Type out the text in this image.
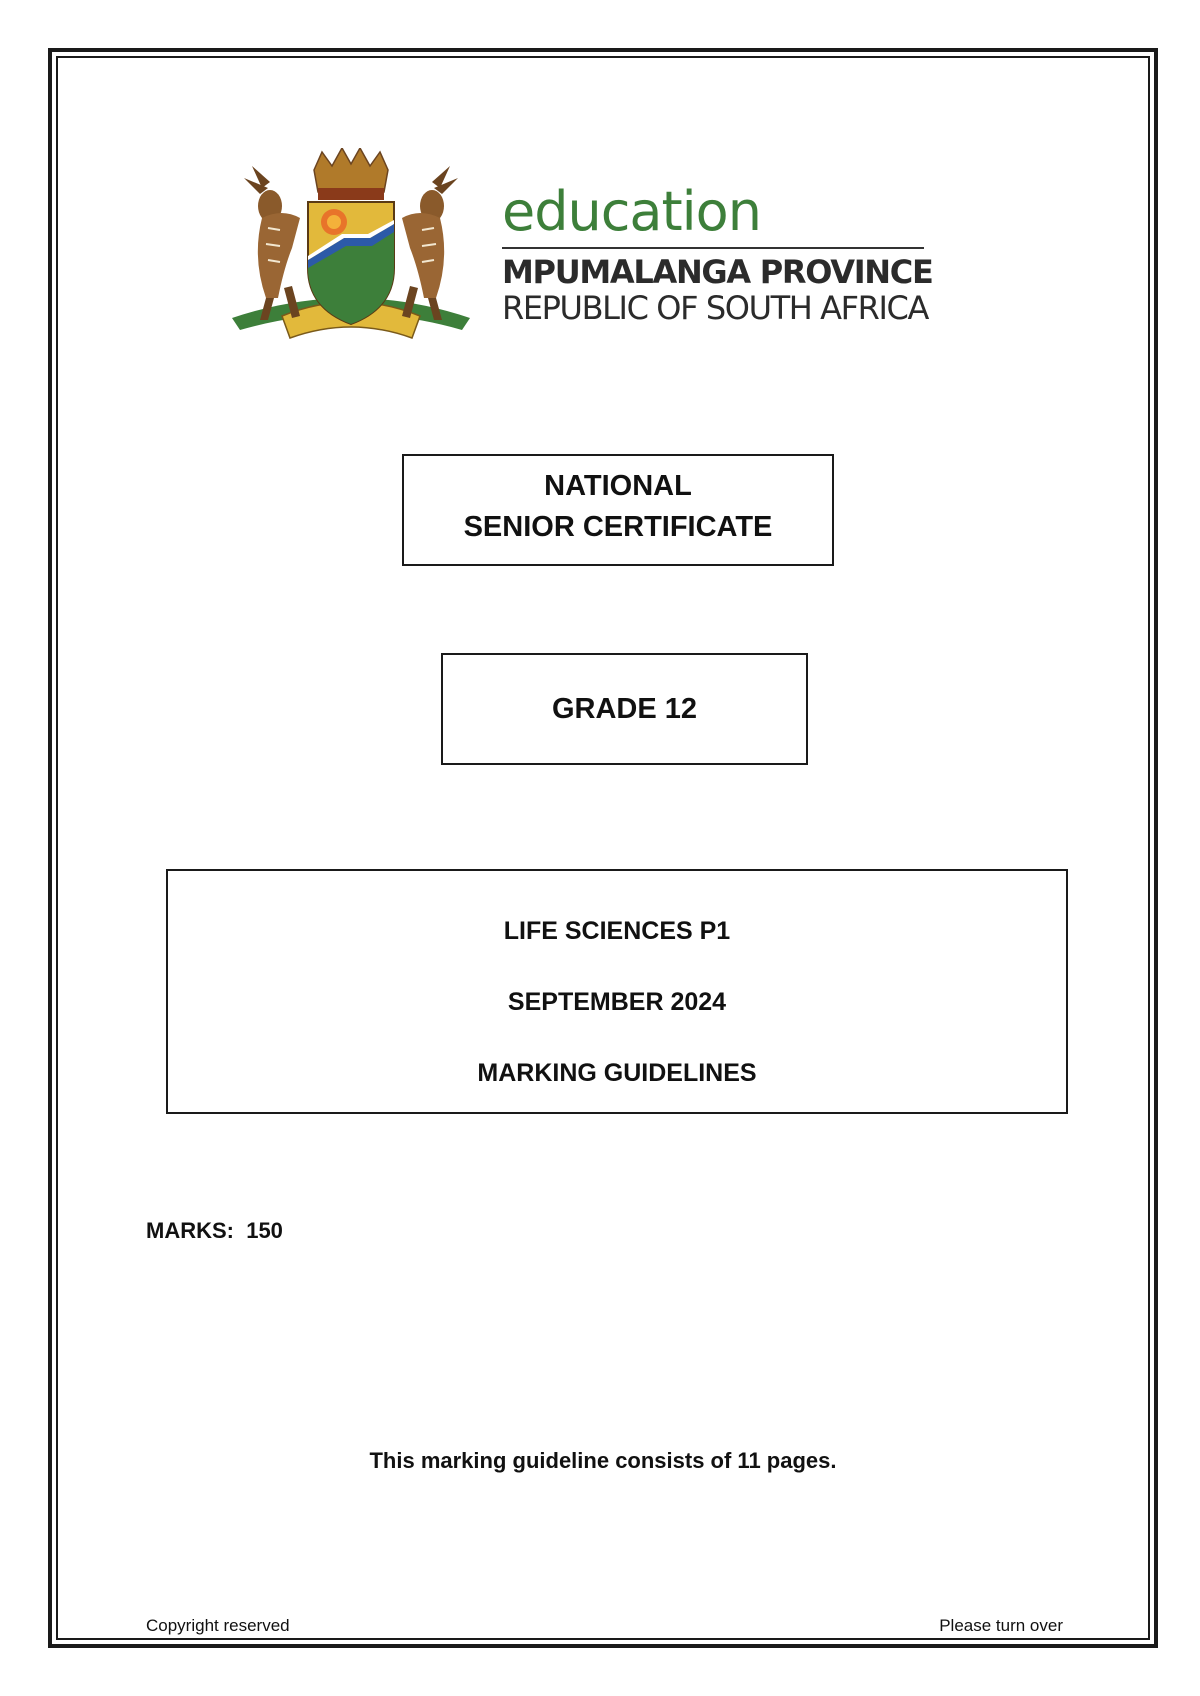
education
MPUMALANGA PROVINCE
REPUBLIC OF SOUTH AFRICA
NATIONAL
SENIOR CERTIFICATE
GRADE 12
LIFE SCIENCES P1
SEPTEMBER 2024
MARKING GUIDELINES
MARKS:  150
This marking guideline consists of 11 pages.
Copyright reserved	Please turn over
